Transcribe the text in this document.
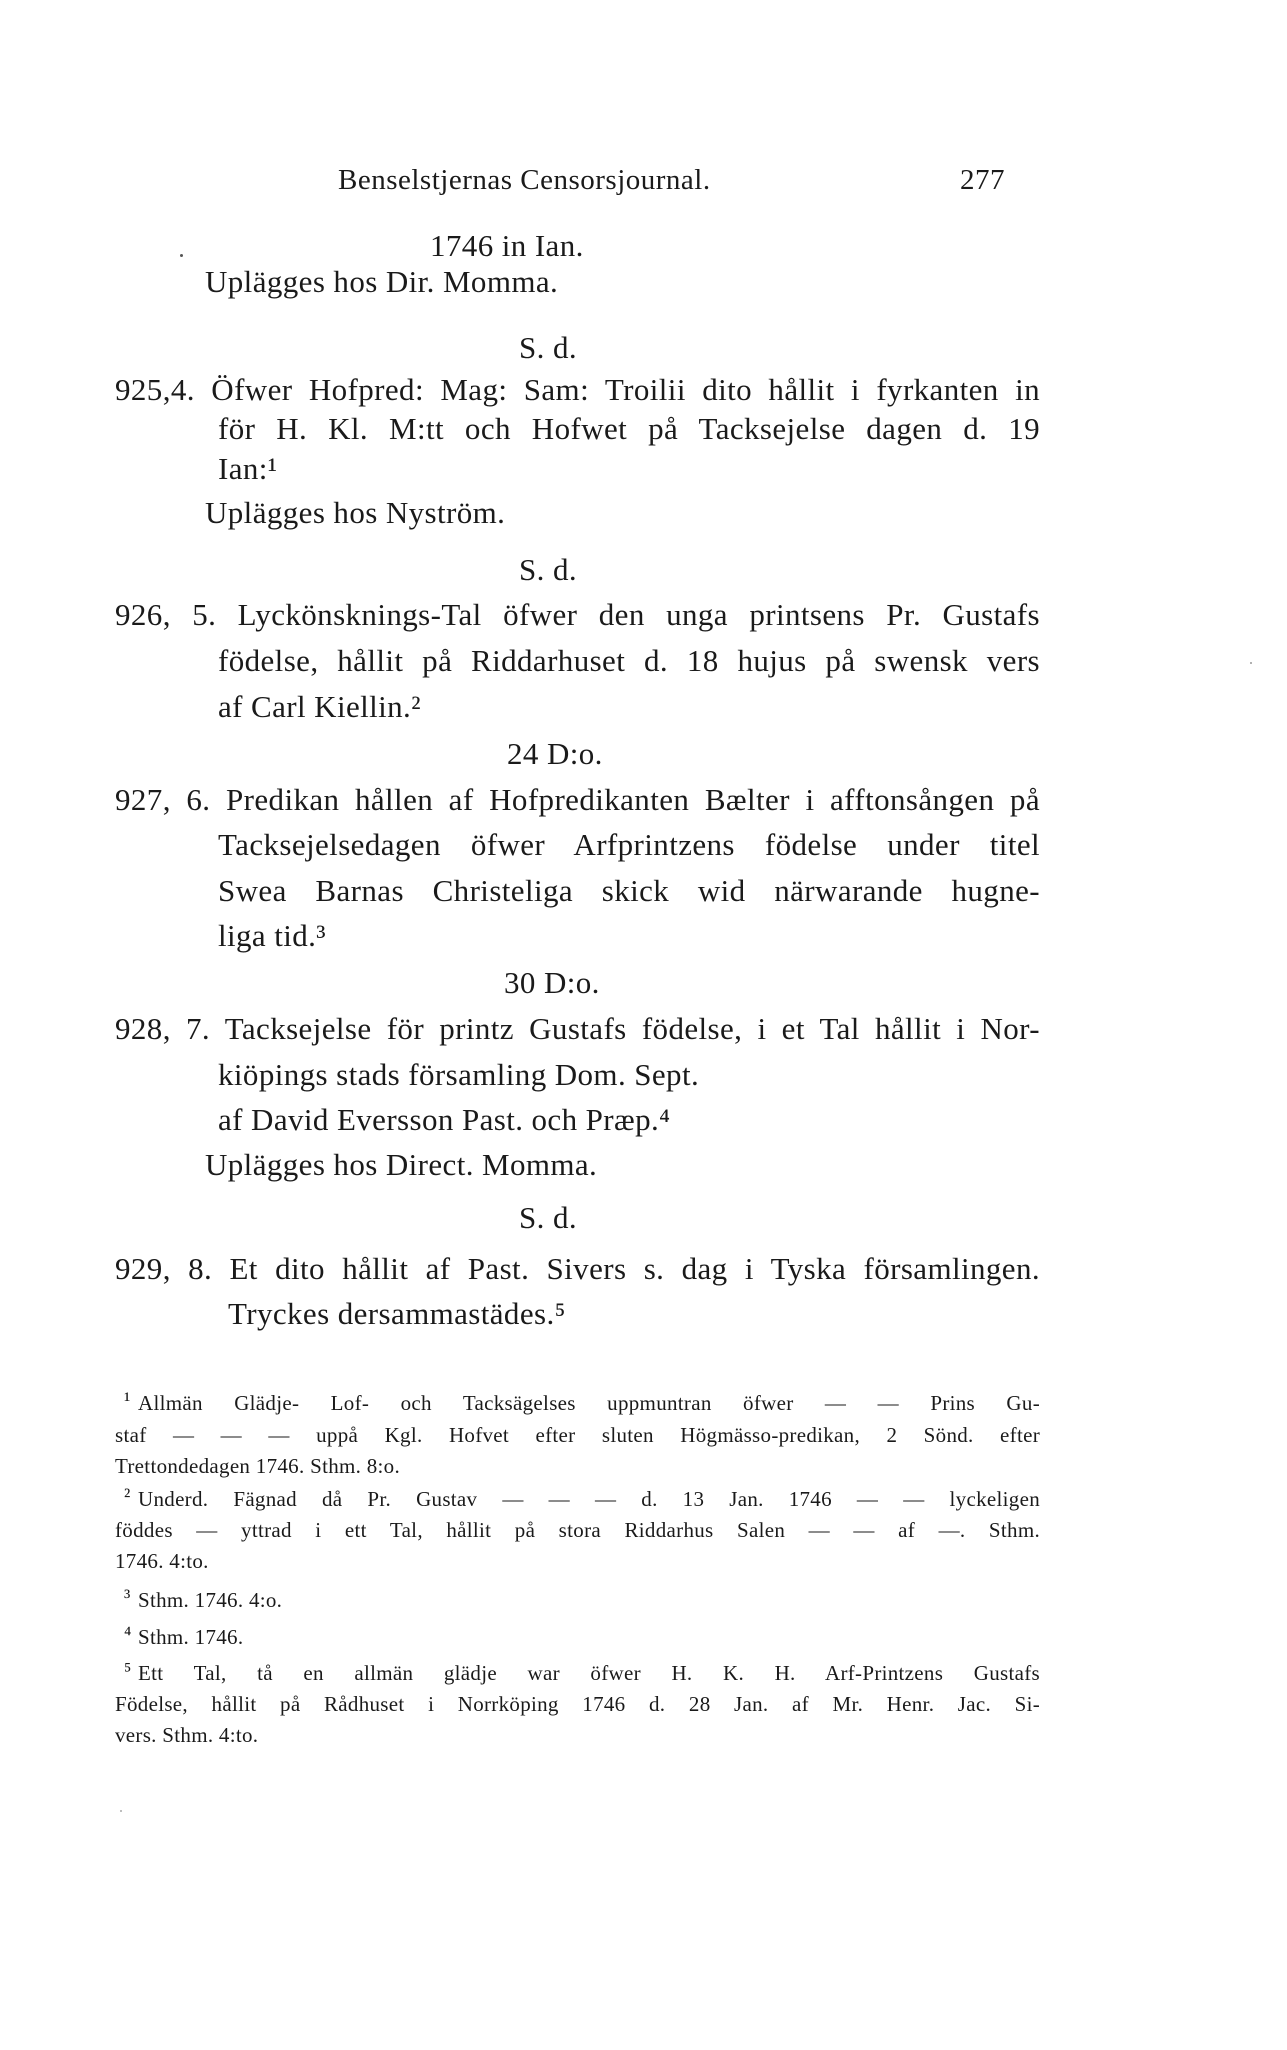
Benselstjernas Censorsjournal.	277
1746 in Ian.
Uplägges hos Dir. Momma.
S. d.
925,4. Öfwer Hofpred: Mag: Sam: Troilii dito hållit i fyrkanten in
för H. Kl. M:tt och Hofwet på Tacksejelse dagen d. 19
Ian:¹
Uplägges hos Nyström.
S. d.
926, 5. Lyckönsknings-Tal öfwer den unga printsens Pr. Gustafs
födelse, hållit på Riddarhuset d. 18 hujus på swensk vers
af Carl Kiellin.²
24 D:o.
927, 6. Predikan hållen af Hofpredikanten Bælter i afftonsången på
Tacksejelsedagen öfwer Arfprintzens födelse under titel
Swea Barnas Christeliga skick wid närwarande hugne-
liga tid.³
30 D:o.
928, 7. Tacksejelse för printz Gustafs födelse, i et Tal hållit i Nor-
kiöpings stads församling Dom. Sept.
af David Eversson Past. och Præp.⁴
Uplägges hos Direct. Momma.
S. d.
929, 8. Et dito hållit af Past. Sivers s. dag i Tyska församlingen.
Tryckes dersammastädes.⁵
Allmän Glädje- Lof- och Tacksägelses uppmuntran öfwer — — Prins Gu-
¹
staf — — — uppå Kgl. Hofvet efter sluten Högmässo-predikan, 2 Sönd. efter
Trettondedagen 1746. Sthm. 8:o.
² Underd. Fägnad då Pr. Gustav — — — d. 13 Jan. 1746 — — lyckeligen
föddes — yttrad i ett Tal, hållit på stora Riddarhus Salen — — af —. Sthm.
1746. 4:to.
³ Sthm. 1746. 4:o.
⁴ Sthm. 1746.
⁵ Ett Tal, tå en allmän glädje war öfwer H. K. H. Arf-Printzens Gustafs
Födelse, hållit på Rådhuset i Norrköping 1746 d. 28 Jan. af Mr. Henr. Jac. Si-
vers. Sthm. 4:to.
